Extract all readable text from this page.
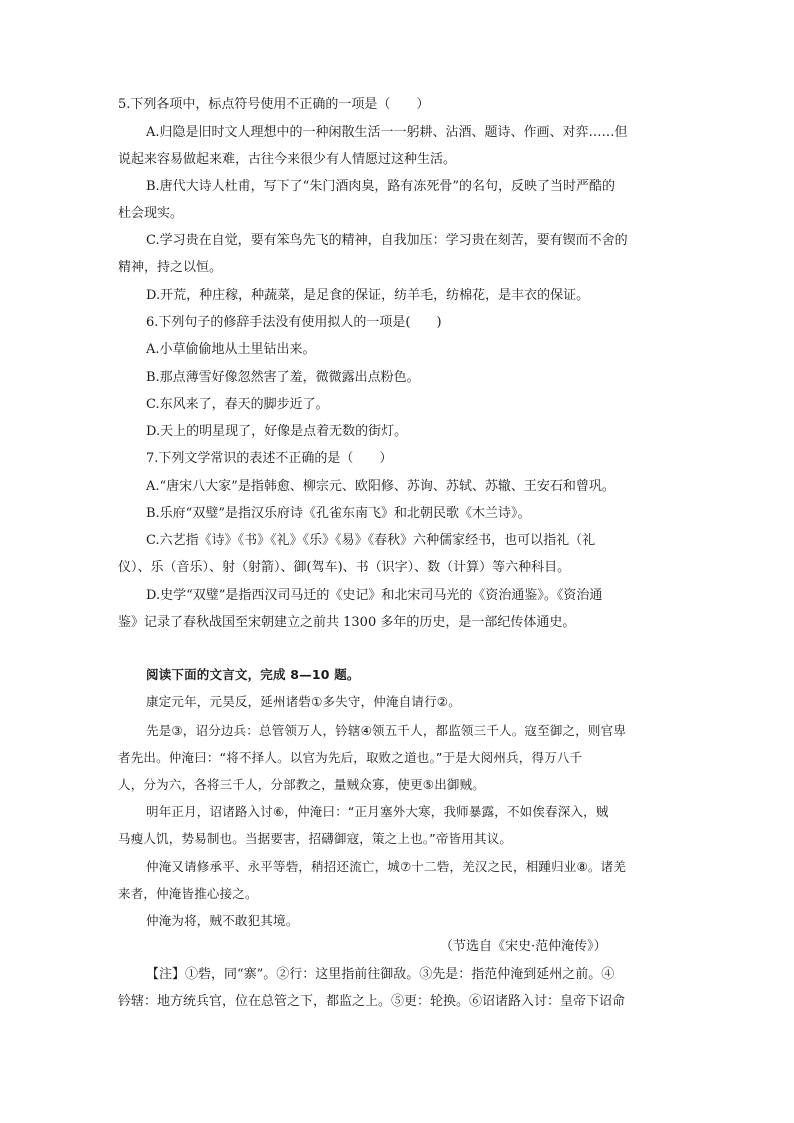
5.下列各项中，标点符号使用不正确的一项是（　　）
A.归隐是旧时文人理想中的一种闲散生活一一躬耕、沾酒、题诗、作画、对弈……但
说起来容易做起来难，古往今来很少有人情愿过这种生活。
B.唐代大诗人杜甫，写下了“朱门酒肉臭，路有冻死骨”的名句，反映了当时严酷的
杜会现实。
C.学习贵在自觉，要有笨鸟先飞的精神，自我加压：学习贵在刻苦，要有锲而不舍的
精神，持之以恒。
D.开荒，种庄稼，种蔬菜，是足食的保证，纺羊毛，纺棉花，是丰衣的保证。
6.下列句子的修辞手法没有使用拟人的一项是(　　)
A.小草偷偷地从土里钻出来。
B.那点薄雪好像忽然害了羞，微微露出点粉色。
C.东风来了，春天的脚步近了。
D.天上的明星现了，好像是点着无数的街灯。
7.下列文学常识的表述不正确的是（　　）
A.“唐宋八大家”是指韩愈、柳宗元、欧阳修、苏询、苏轼、苏辙、王安石和曾巩。
B.乐府“双璧”是指汉乐府诗《孔雀东南飞》和北朝民歌《木兰诗》。
C.六艺指《诗》《书》《礼》《乐》《易》《春秋》六种儒家经书，也可以指礼（礼
仪）、乐（音乐）、射（射箭）、御(驾车)、书（识字）、数（计算）等六种科目。
D.史学“双璧”是指西汉司马迁的《史记》和北宋司马光的《资治通鉴》。《资治通
鉴》记录了春秋战国至宋朝建立之前共 1300 多年的历史，是一部纪传体通史。
阅读下面的文言文，完成 8—10 题。
康定元年，元昊反，延州诸砦①多失守，仲淹自请行②。
先是③，诏分边兵：总管领万人，钤辖④领五千人，都监领三千人。寇至御之，则官卑
者先出。仲淹曰：“将不择人。以官为先后，取败之道也。”于是大阅州兵，得万八千
人，分为六，各将三千人，分部教之，量贼众寡，使更⑤出御贼。
明年正月，诏诸路入讨⑥，仲淹曰：“正月塞外大寒，我师暴露，不如俟春深入，贼
马瘦人饥，势易制也。当据要害，招礴御寇，策之上也。”帝皆用其议。
仲淹又请修承平、永平等砦，稍招还流亡，城⑦十二砦，羌汉之民，相踵归业⑧。诸羌
来者，仲淹皆推心接之。
仲淹为将，贼不敢犯其境。
（节选自《宋史·范仲淹传》）
【注】①砦，同“寨”。②行：这里指前往御敌。③先是：指范仲淹到延州之前。④
钤辖：地方统兵官，位在总管之下，都监之上。⑤更：轮换。⑥诏诸路入讨：皇帝下诏命
